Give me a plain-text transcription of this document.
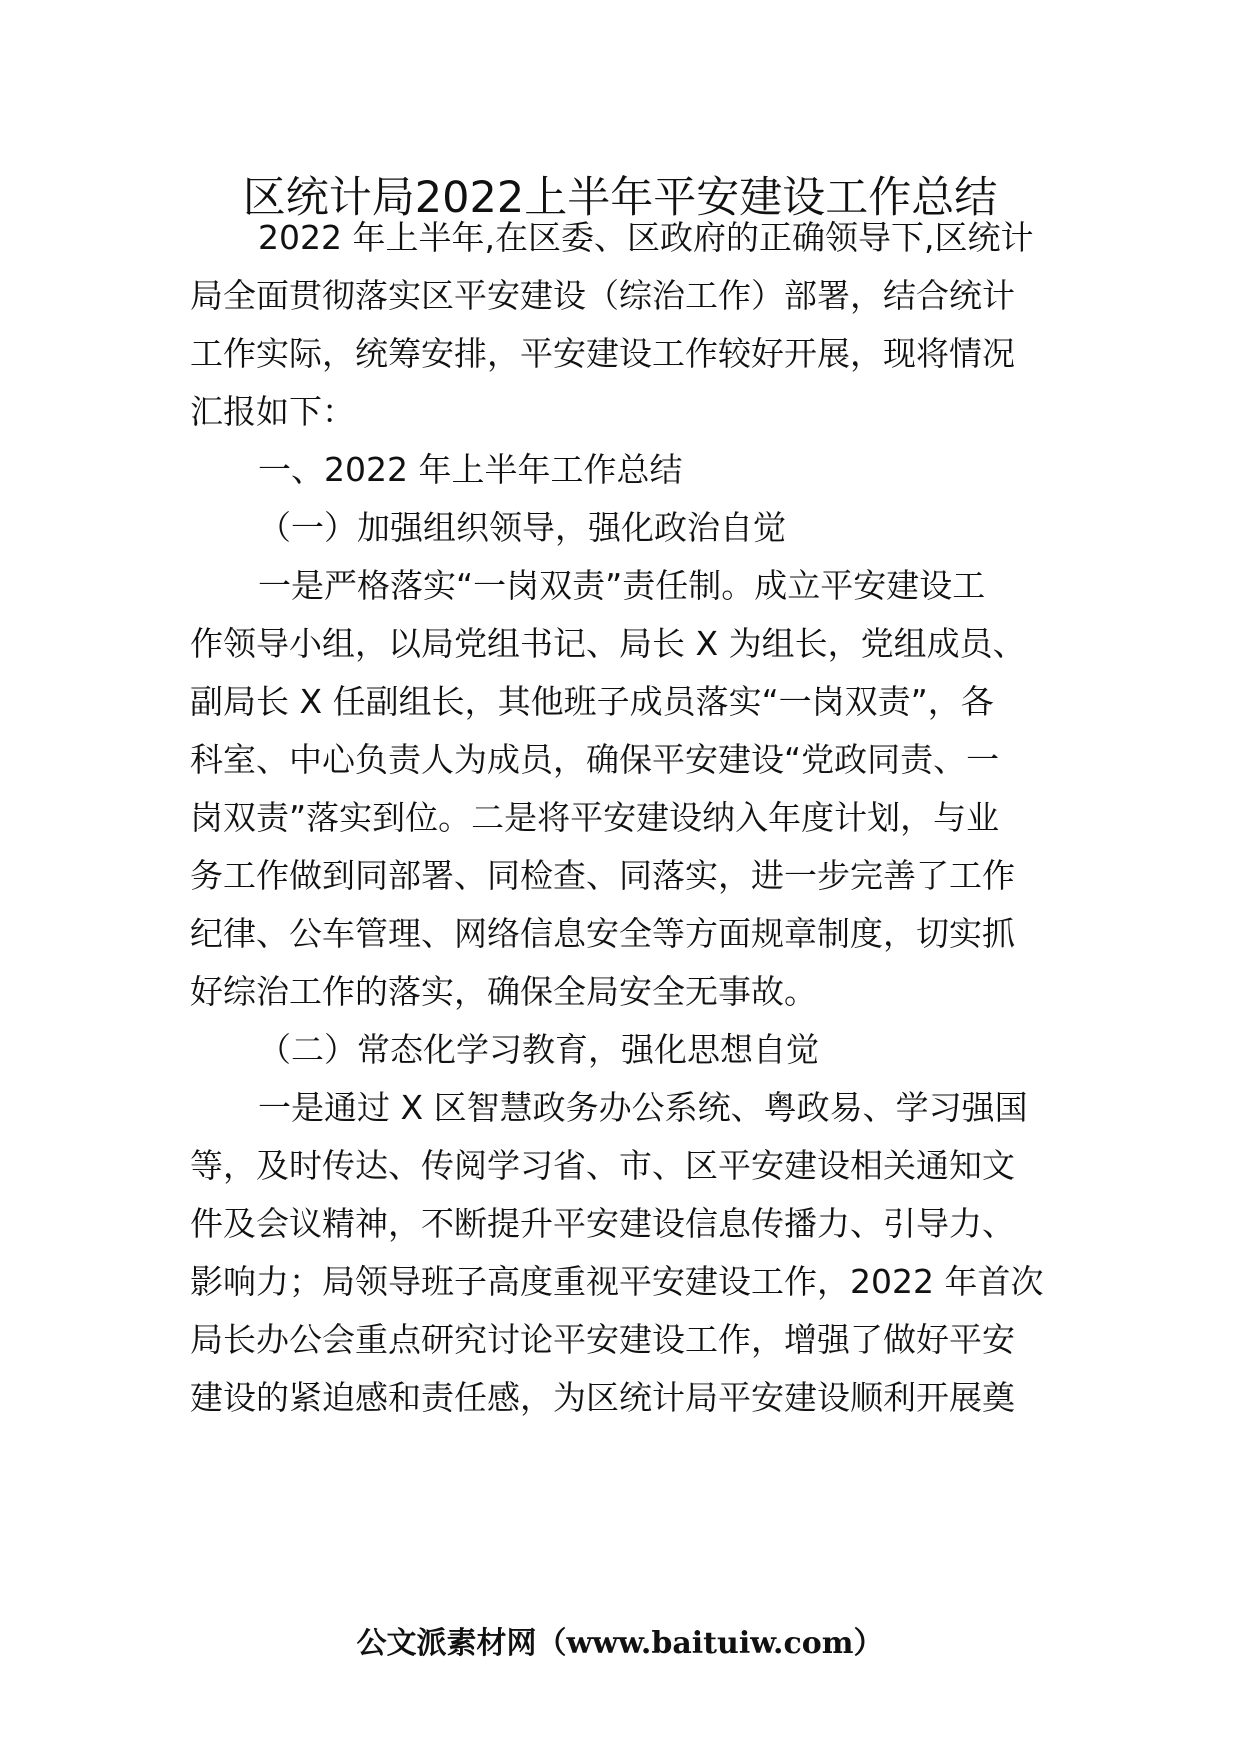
区统计局2022上半年平安建设工作总结

2022 年上半年,在区委、区政府的正确领导下,区统计

局全面贯彻落实区平安建设（综治工作）部署，结合统计

工作实际，统筹安排，平安建设工作较好开展，现将情况

汇报如下：

一、2022 年上半年工作总结

（一）加强组织领导，强化政治自觉

一是严格落实“一岗双责”责任制。成立平安建设工

作领导小组，以局党组书记、局长 X 为组长，党组成员、

副局长 X 任副组长，其他班子成员落实“一岗双责”，各

科室、中心负责人为成员，确保平安建设“党政同责、一

岗双责”落实到位。二是将平安建设纳入年度计划，与业

务工作做到同部署、同检查、同落实，进一步完善了工作

纪律、公车管理、网络信息安全等方面规章制度，切实抓

好综治工作的落实，确保全局安全无事故。

（二）常态化学习教育，强化思想自觉

一是通过 X 区智慧政务办公系统、粤政易、学习强国

等，及时传达、传阅学习省、市、区平安建设相关通知文

件及会议精神，不断提升平安建设信息传播力、引导力、

影响力；局领导班子高度重视平安建设工作，2022 年首次

局长办公会重点研究讨论平安建设工作，增强了做好平安

建设的紧迫感和责任感，为区统计局平安建设顺利开展奠

公文派素材网（www.baituiw.com）
